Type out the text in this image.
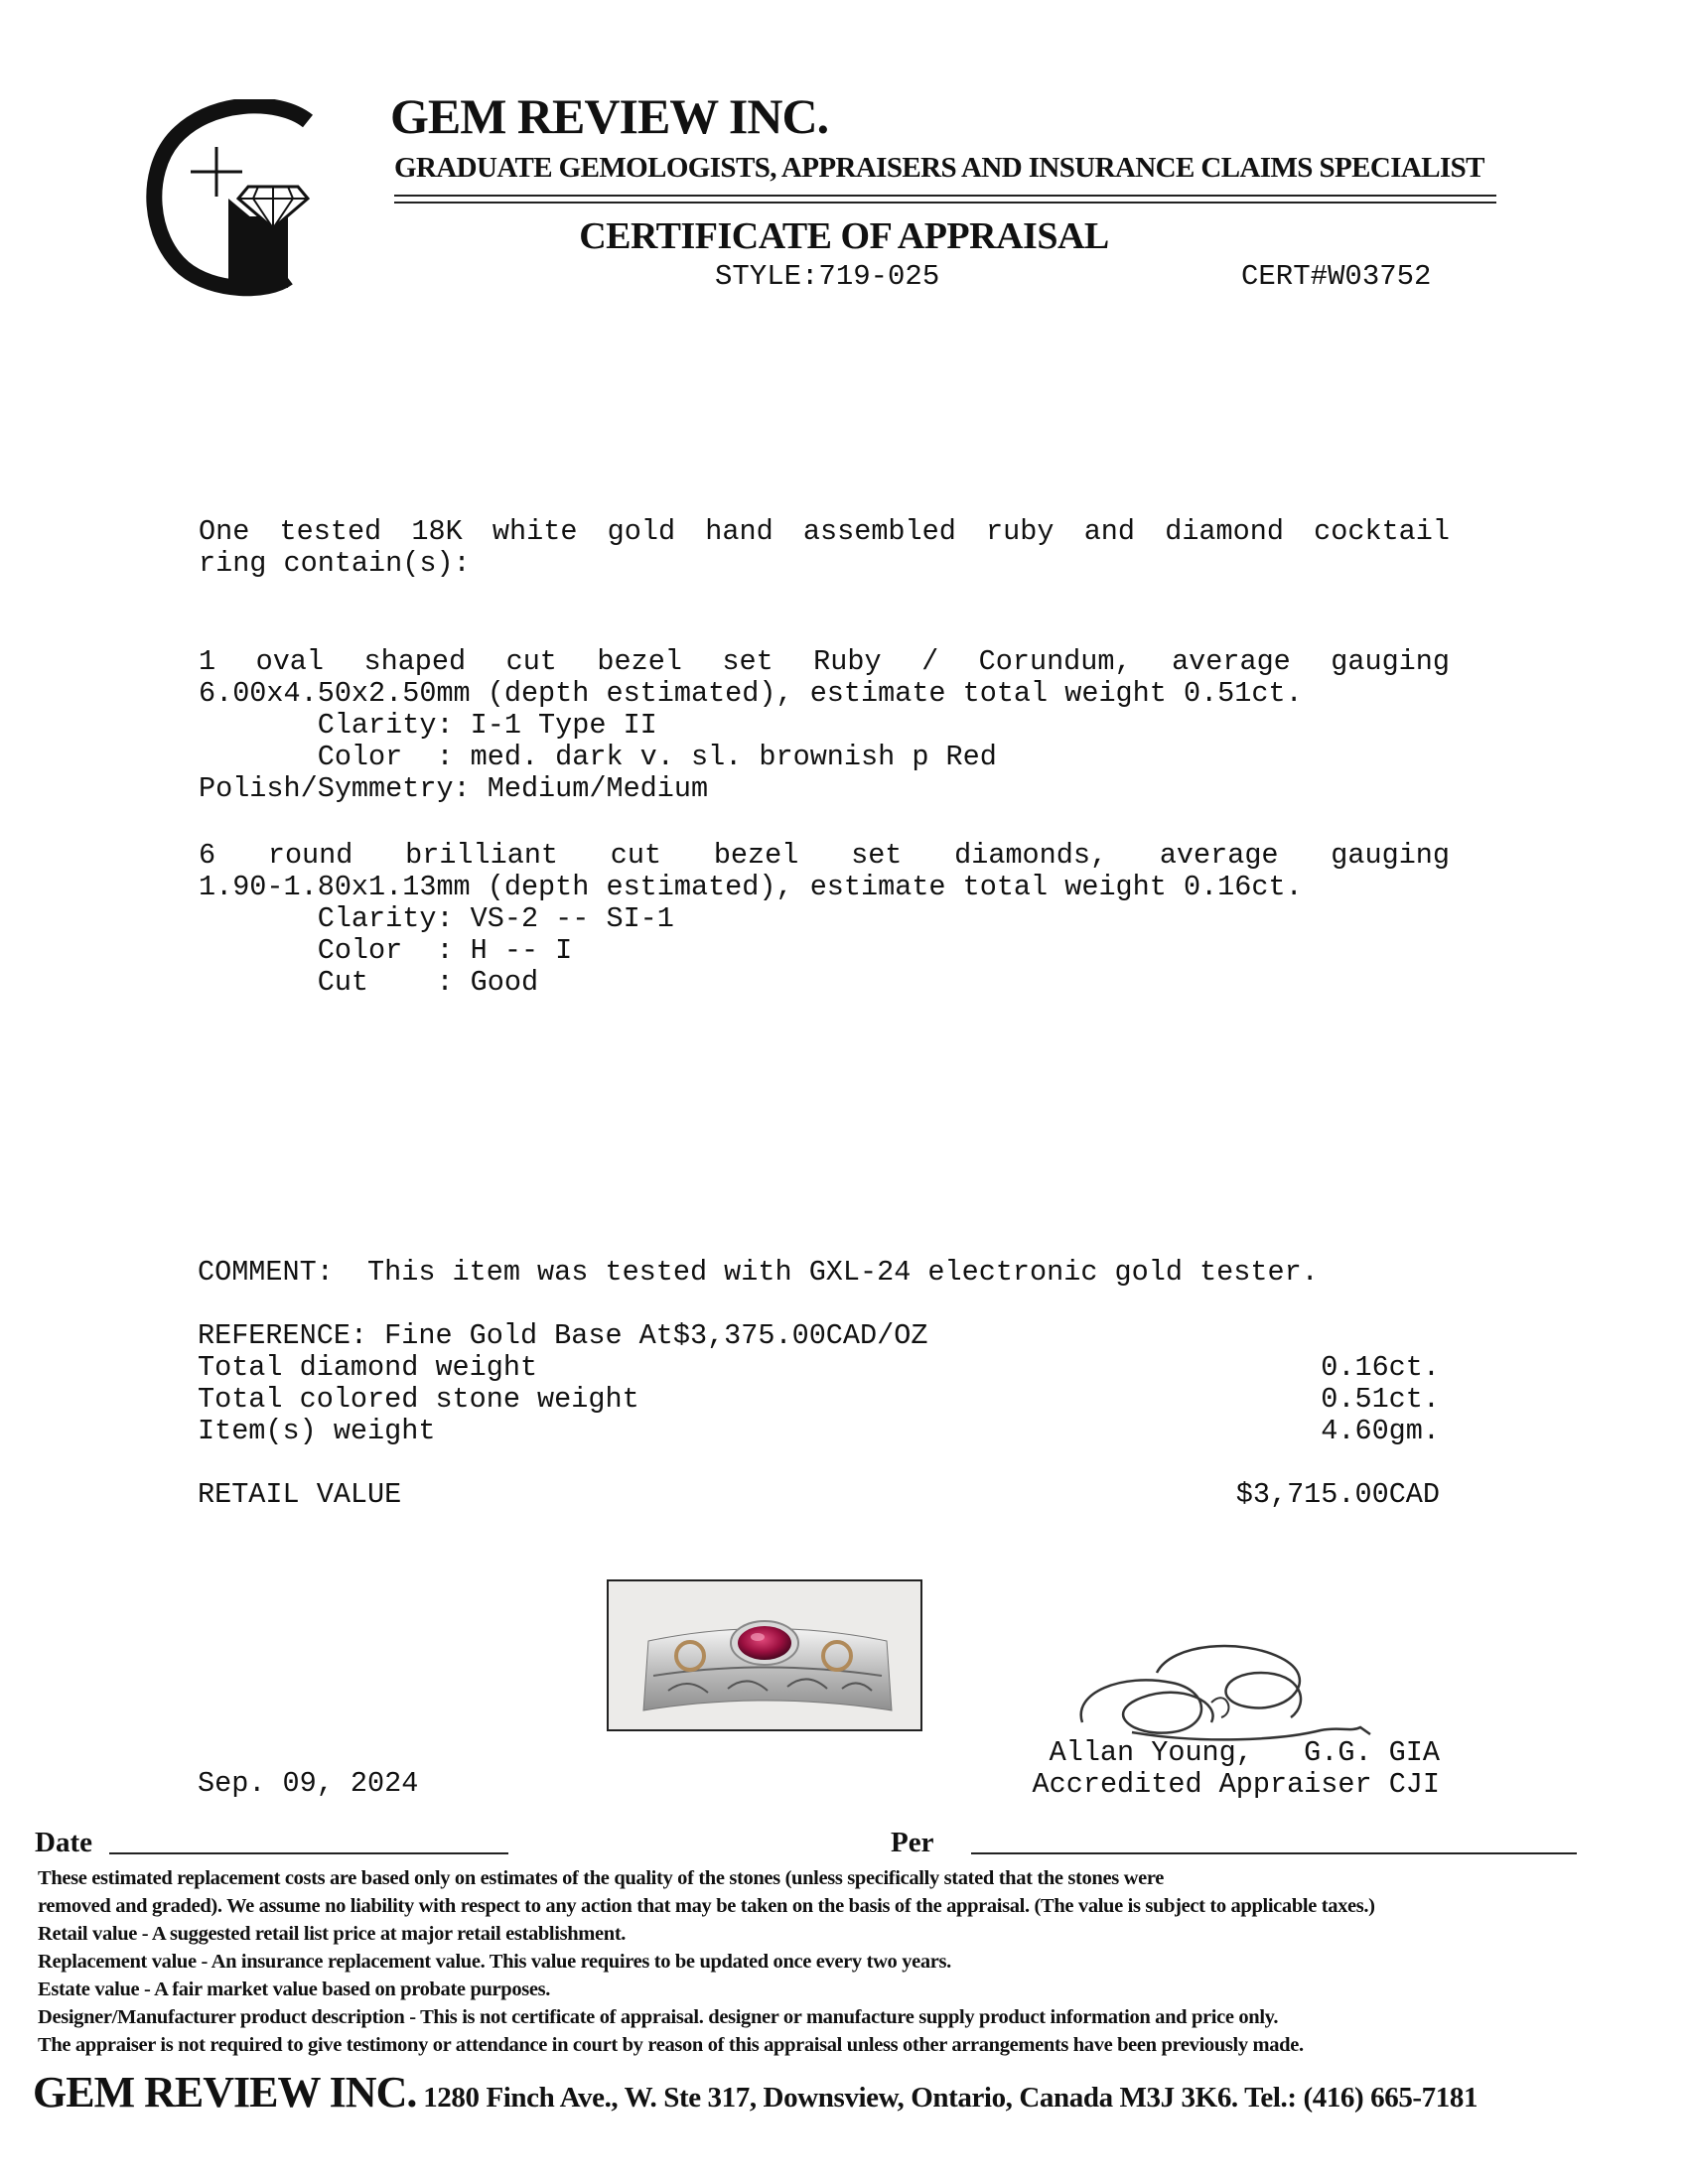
GEM REVIEW INC.
GRADUATE GEMOLOGISTS, APPRAISERS AND INSURANCE CLAIMS SPECIALIST
CERTIFICATE OF APPRAISAL
STYLE:719-025	CERT#W03752
One tested 18K white gold hand assembled ruby and diamond cocktail
ring contain(s):
1 oval shaped cut bezel set Ruby / Corundum, average gauging
6.00x4.50x2.50mm (depth estimated), estimate total weight 0.51ct.
Clarity: I-1 Type II
Color  : med. dark v. sl. brownish p Red
Polish/Symmetry: Medium/Medium
6 round brilliant cut bezel set diamonds, average gauging
1.90-1.80x1.13mm (depth estimated), estimate total weight 0.16ct.
Clarity: VS-2 -- SI-1
Color  : H -- I
Cut    : Good
COMMENT:  This item was tested with GXL-24 electronic gold tester.
REFERENCE: Fine Gold Base At$3,375.00CAD/OZ
Total diamond weight	0.16ct.
Total colored stone weight	0.51ct.
Item(s) weight	4.60gm.
RETAIL VALUE	$3,715.00CAD
Sep. 09, 2024
Allan Young,   G.G. GIA
Accredited Appraiser CJI
Date	Per
These estimated replacement costs are based only on estimates of the quality of the stones (unless specifically stated that the stones were
removed and graded). We assume no liability with respect to any action that may be taken on the basis of the appraisal. (The value is subject to applicable taxes.)
Retail value - A suggested retail list price at major retail establishment.
Replacement value - An insurance replacement value. This value requires to be updated once every two years.
Estate value - A fair market value based on probate purposes.
Designer/Manufacturer product description - This is not certificate of appraisal. designer or manufacture supply product information and price only.
The appraiser is not required to give testimony or attendance in court by reason of this appraisal unless other arrangements have been previously made.
GEM REVIEW INC. 1280 Finch Ave., W. Ste 317, Downsview, Ontario, Canada M3J 3K6. Tel.: (416) 665-7181
